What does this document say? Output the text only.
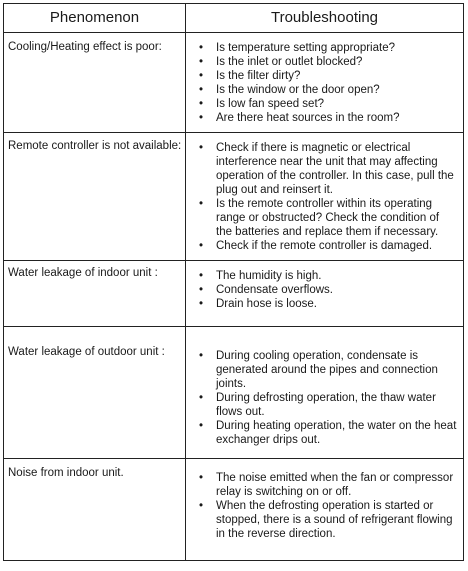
Phenomenon	Troubleshooting
Cooling/Heating effect is poor:	• Is temperature setting appropriate?
• Is the inlet or outlet blocked?
• Is the filter dirty?
• Is the window or the door open?
• Is low fan speed set?
• Are there heat sources in the room?
Remote controller is not available: • Check if there is magnetic or electrical interference near the unit that may affecting operation of the controller. In this case, pull the plug out and reinsert it.
• Is the remote controller within its operating range or obstructed? Check the condition of the batteries and replace them if necessary.
• Check if the remote controller is damaged.
Water leakage of indoor unit :	• The humidity is high.
• Condensate overflows.
• Drain hose is loose.
Water leakage of outdoor unit :	• During cooling operation, condensate is generated around the pipes and connection joints.
• During defrosting operation, the thaw water flows out.
• During heating operation, the water on the heat exchanger drips out.
Noise from indoor unit.	• The noise emitted when the fan or compressor relay is switching on or off.
• When the defrosting operation is started or stopped, there is a sound of refrigerant flowing in the reverse direction.
